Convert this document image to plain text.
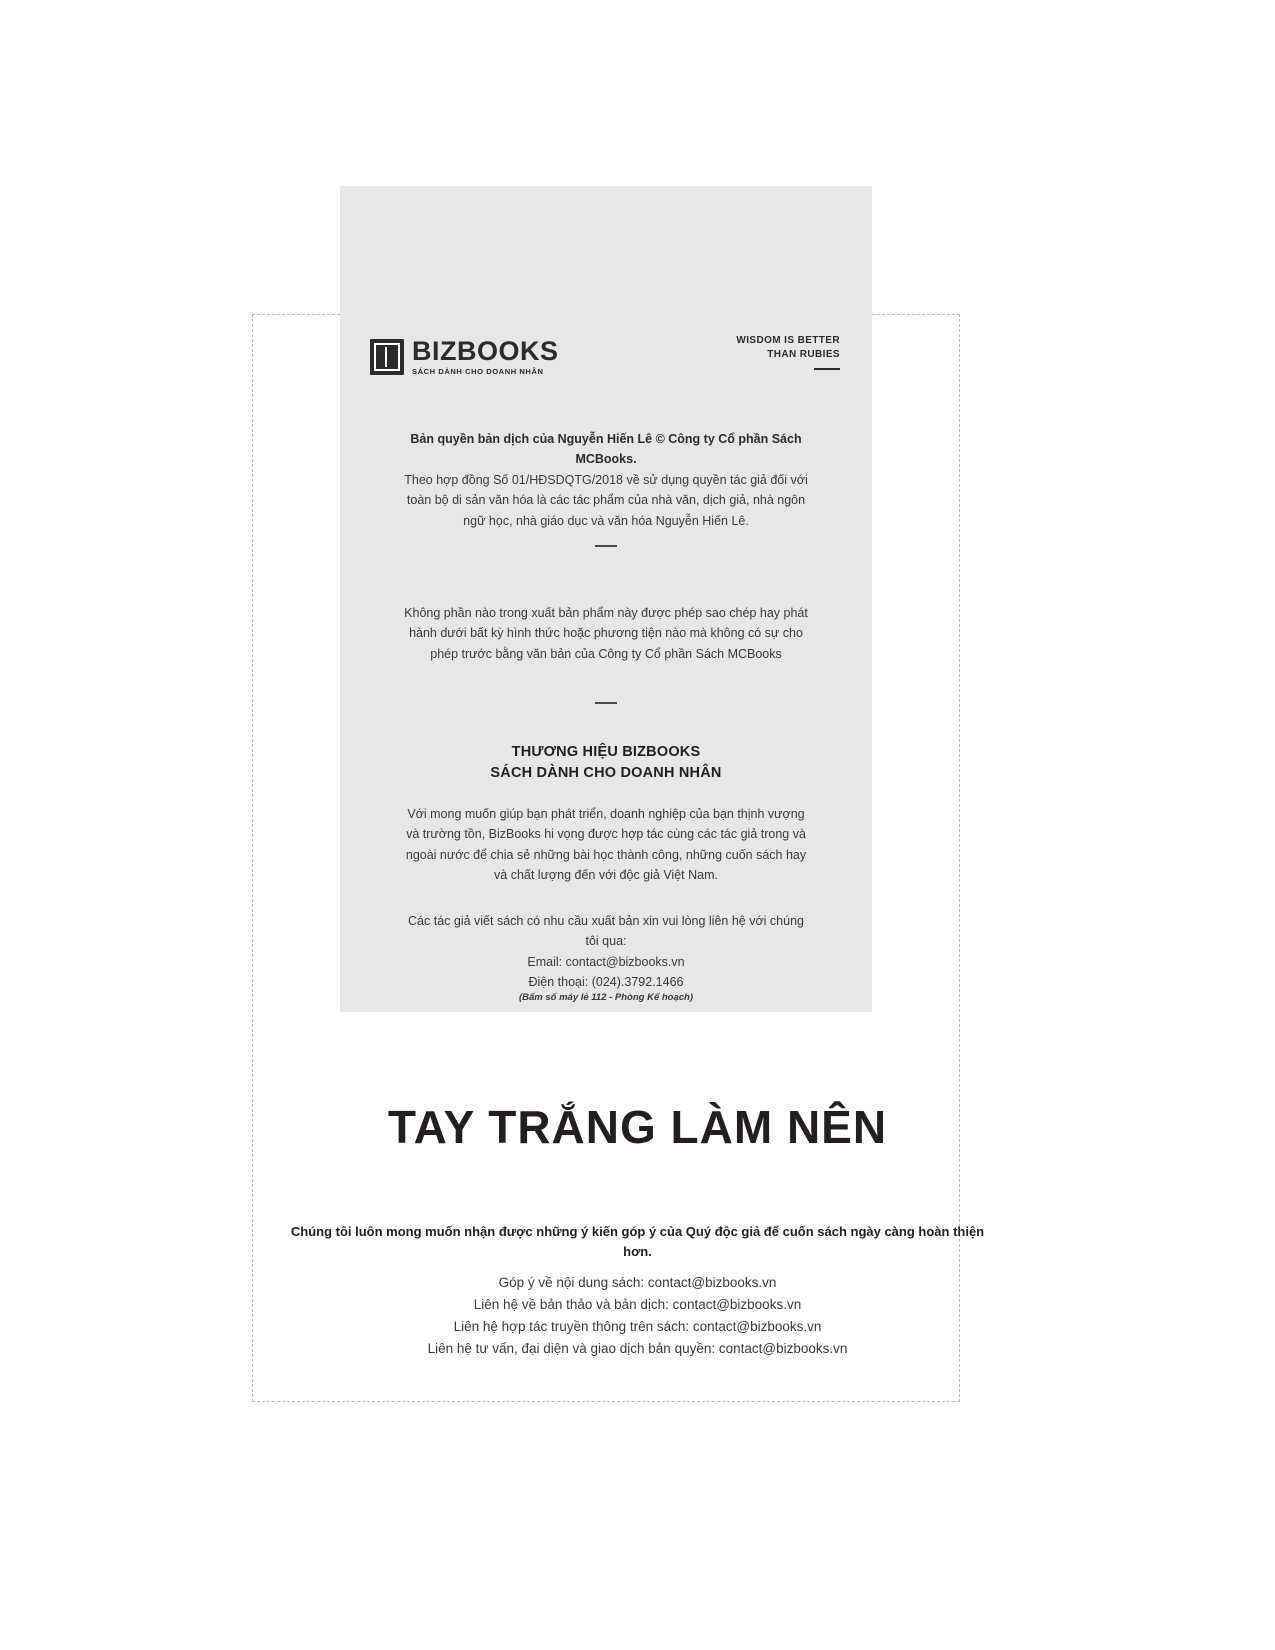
BIZBOOKS
SÁCH DÀNH CHO DOANH NHÂN
WISDOM IS BETTER
THAN RUBIES
Bản quyền bản dịch của Nguyễn Hiến Lê © Công ty Cổ phần Sách MCBooks.
Theo hợp đồng Số 01/HĐSDQTG/2018 về sử dụng quyền tác giả đối với toàn bộ di sản văn hóa là các tác phẩm của nhà văn, dịch giả, nhà ngôn ngữ học, nhà giáo dục và văn hóa Nguyễn Hiến Lê.
Không phần nào trong xuất bản phẩm này được phép sao chép hay phát hành dưới bất kỳ hình thức hoặc phương tiện nào mà không có sự cho phép trước bằng văn bản của Công ty Cổ phần Sách MCBooks
THƯƠNG HIỆU BIZBOOKS
SÁCH DÀNH CHO DOANH NHÂN
Với mong muốn giúp bạn phát triển, doanh nghiệp của bạn thịnh vượng và trường tồn, BizBooks hi vọng được hợp tác cùng các tác giả trong và ngoài nước để chia sẻ những bài học thành công, những cuốn sách hay và chất lượng đến với độc giả Việt Nam.
Các tác giả viết sách có nhu cầu xuất bản xin vui lòng liên hệ với chúng tôi qua:
Email: contact@bizbooks.vn
Điện thoại: (024).3792.1466
(Bấm số máy lẻ 112 - Phòng Kế hoạch)
TAY TRẮNG LÀM NÊN
Chúng tôi luôn mong muốn nhận được những ý kiến góp ý của Quý độc giả để cuốn sách ngày càng hoàn thiện hơn.
Góp ý về nội dung sách: contact@bizbooks.vn
Liên hệ về bản thảo và bản dịch: contact@bizbooks.vn
Liên hệ hợp tác truyền thông trên sách: contact@bizbooks.vn
Liên hệ tư vấn, đại diện và giao dịch bản quyền: contact@bizbooks.vn
